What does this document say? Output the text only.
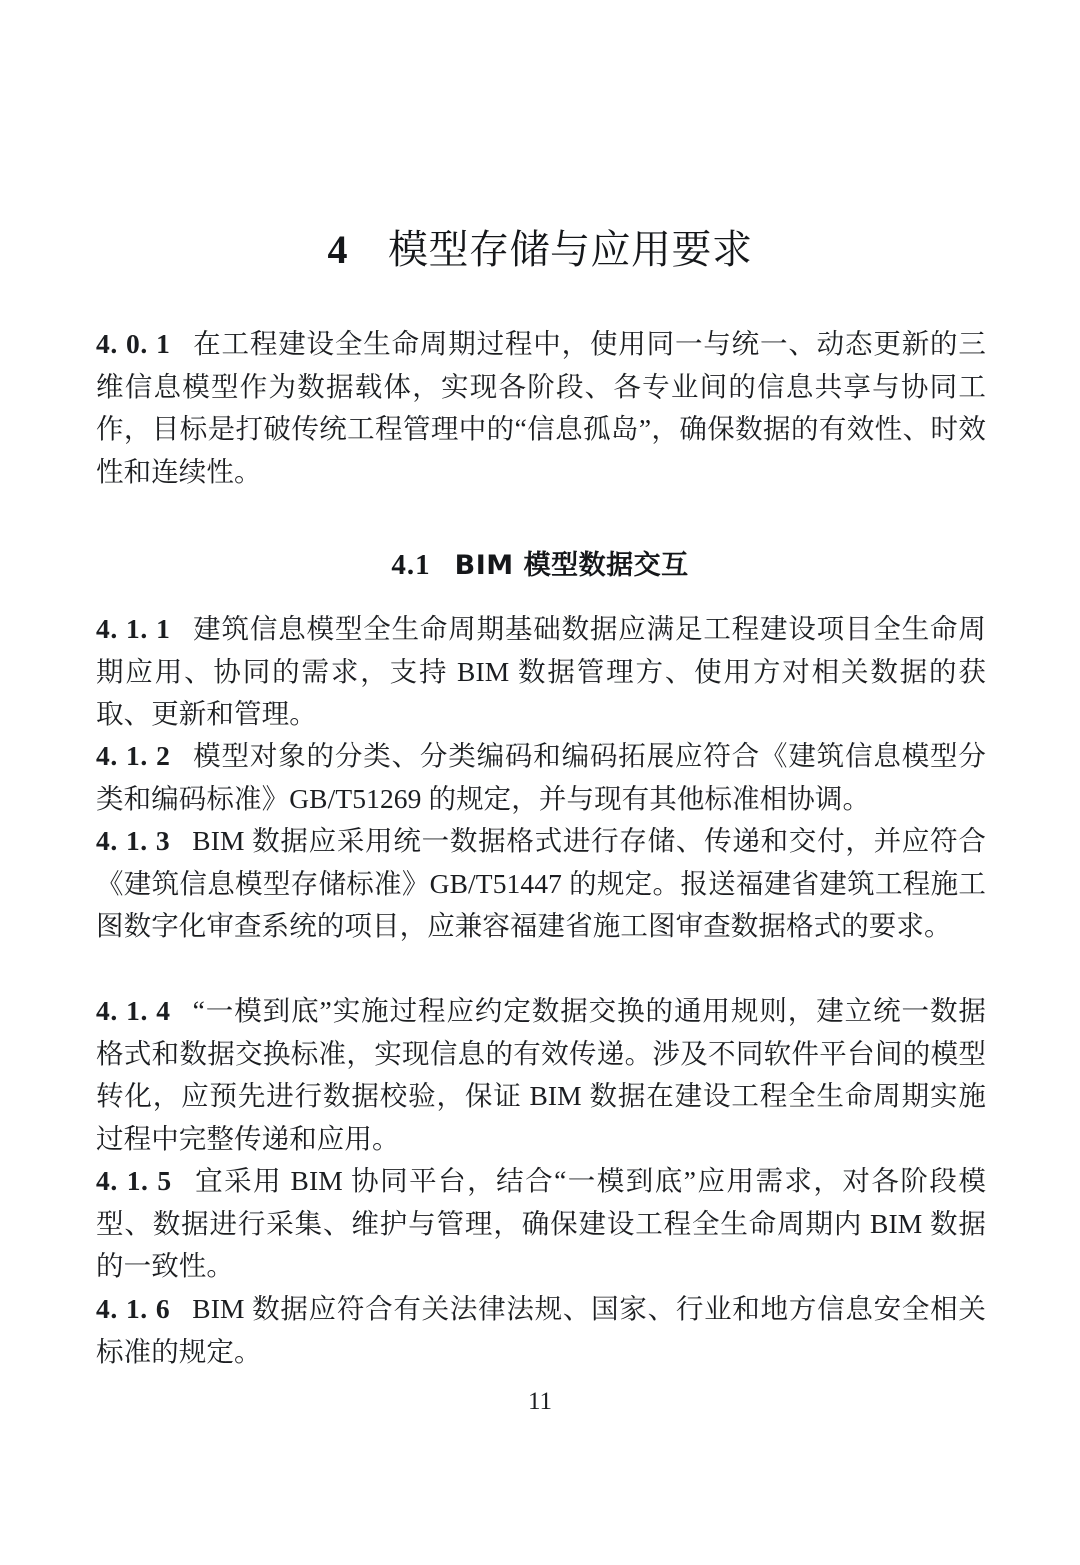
4 模型存储与应用要求

4. 0. 1 在工程建设全生命周期过程中，使用同一与统一、动态更新的三维信息模型作为数据载体，实现各阶段、各专业间的信息共享与协同工作，目标是打破传统工程管理中的“信息孤岛”，确保数据的有效性、时效性和连续性。

4.1 BIM 模型数据交互

4. 1. 1 建筑信息模型全生命周期基础数据应满足工程建设项目全生命周期应用、协同的需求，支持 BIM 数据管理方、使用方对相关数据的获取、更新和管理。

4. 1. 2 模型对象的分类、分类编码和编码拓展应符合《建筑信息模型分类和编码标准》GB/T51269 的规定，并与现有其他标准相协调。

4. 1. 3 BIM 数据应采用统一数据格式进行存储、传递和交付，并应符合《建筑信息模型存储标准》GB/T51447 的规定。报送福建省建筑工程施工图数字化审查系统的项目，应兼容福建省施工图审查数据格式的要求。

4. 1. 4 “一模到底”实施过程应约定数据交换的通用规则，建立统一数据格式和数据交换标准，实现信息的有效传递。涉及不同软件平台间的模型转化，应预先进行数据校验，保证 BIM 数据在建设工程全生命周期实施过程中完整传递和应用。

4. 1. 5 宜采用 BIM 协同平台，结合“一模到底”应用需求，对各阶段模型、数据进行采集、维护与管理，确保建设工程全生命周期内 BIM 数据的一致性。

4. 1. 6 BIM 数据应符合有关法律法规、国家、行业和地方信息安全相关标准的规定。

11
